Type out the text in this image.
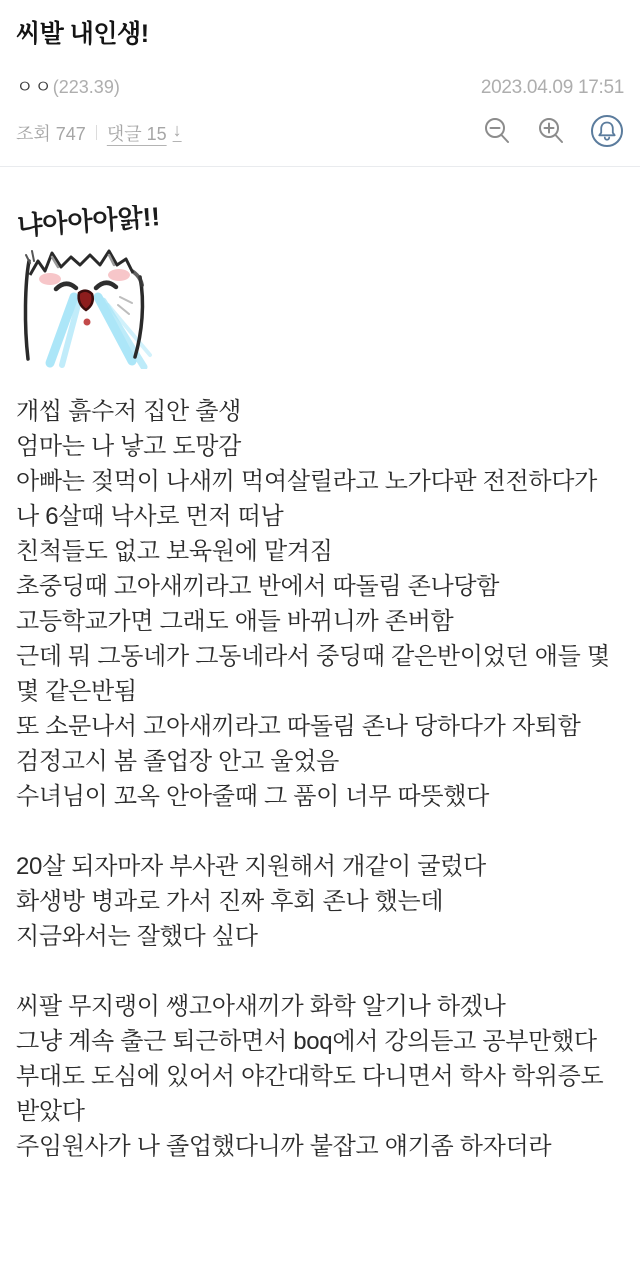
씨발 내인생!
ㅇㅇ(223.39)	2023.04.09 17:51
조회 747 댓글 15 ↓
냐아아아앍!!
개씹 흙수저 집안 출생
엄마는 나 낳고 도망감
아빠는 젖먹이 나새끼 먹여살릴라고 노가다판 전전하다가
나 6살때 낙사로 먼저 떠남
친척들도 없고 보육원에 맡겨짐
초중딩때 고아새끼라고 반에서 따돌림 존나당함
고등학교가면 그래도 애들 바뀌니까 존버함
근데 뭐 그동네가 그동네라서 중딩때 같은반이었던 애들 몇몇 같은반됨
또 소문나서 고아새끼라고 따돌림 존나 당하다가 자퇴함
검정고시 봄 졸업장 안고 울었음
수녀님이 꼬옥 안아줄때 그 품이 너무 따뜻했다
20살 되자마자 부사관 지원해서 개같이 굴렀다
화생방 병과로 가서 진짜 후회 존나 했는데
지금와서는 잘했다 싶다
씨팔 무지랭이 쌩고아새끼가 화학 알기나 하겠나
그냥 계속 출근 퇴근하면서 boq에서 강의듣고 공부만했다
부대도 도심에 있어서 야간대학도 다니면서 학사 학위증도 받았다
주임원사가 나 졸업했다니까 붙잡고 얘기좀 하자더라
